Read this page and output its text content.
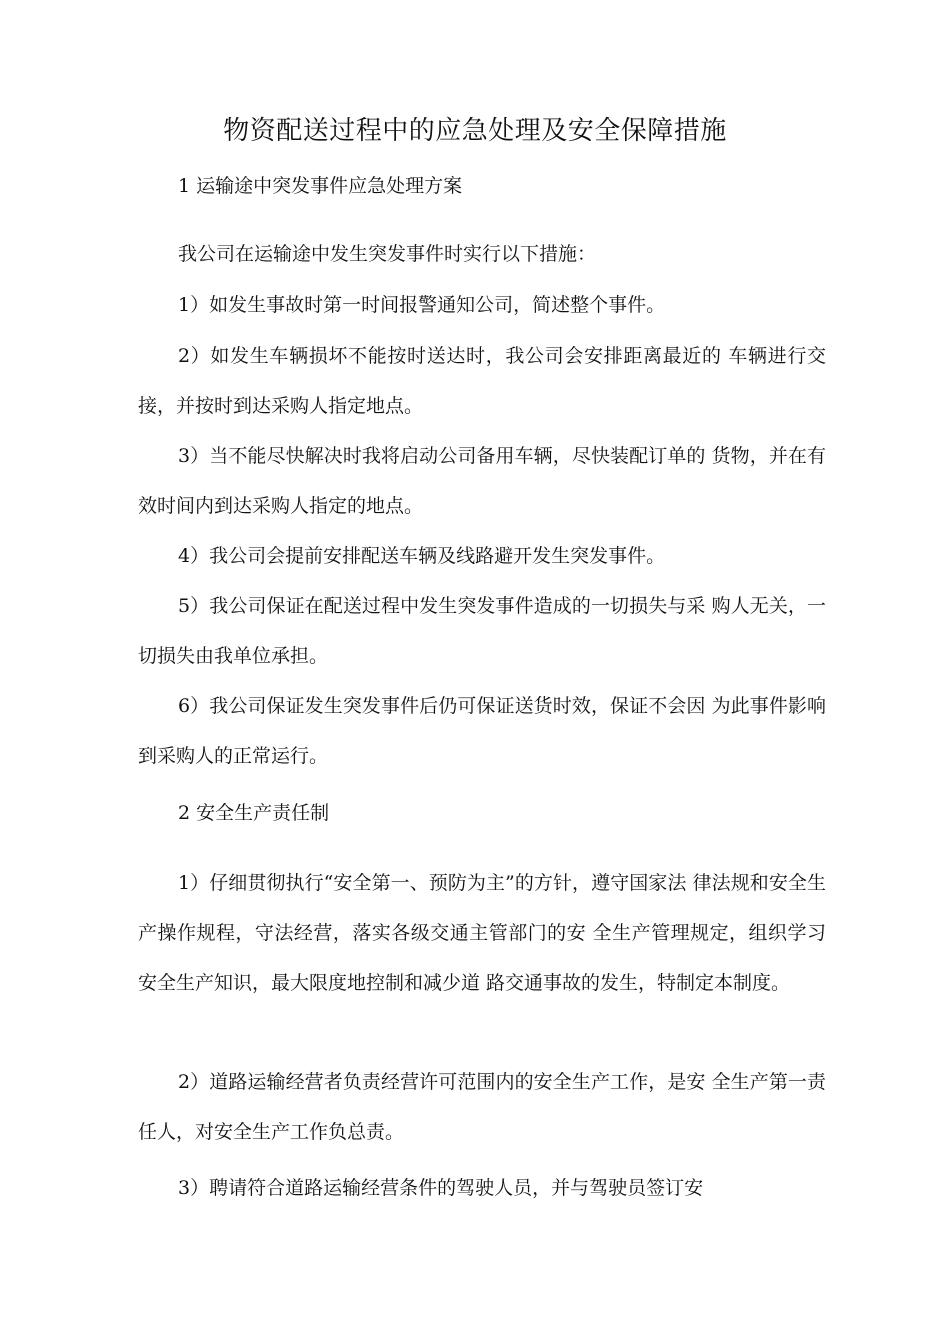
物资配送过程中的应急处理及安全保障措施
1 运输途中突发事件应急处理方案

我公司在运输途中发生突发事件时实行以下措施：

1）如发生事故时第一时间报警通知公司，简述整个事件。

2）如发生车辆损坏不能按时送达时，我公司会安排距离最近的 车辆进行交接，并按时到达采购人指定地点。

3）当不能尽快解决时我将启动公司备用车辆，尽快装配订单的 货物，并在有效时间内到达采购人指定的地点。

4）我公司会提前安排配送车辆及线路避开发生突发事件。

5）我公司保证在配送过程中发生突发事件造成的一切损失与采 购人无关，一切损失由我单位承担。

6）我公司保证发生突发事件后仍可保证送货时效，保证不会因 为此事件影响到采购人的正常运行。

2 安全生产责任制

1）仔细贯彻执行“安全第一、预防为主”的方针，遵守国家法 律法规和安全生产操作规程，守法经营，落实各级交通主管部门的安 全生产管理规定，组织学习安全生产知识，最大限度地控制和减少道 路交通事故的发生，特制定本制度。

2）道路运输经营者负责经营许可范围内的安全生产工作，是安 全生产第一责任人，对安全生产工作负总责。

3）聘请符合道路运输经营条件的驾驶人员，并与驾驶员签订安
